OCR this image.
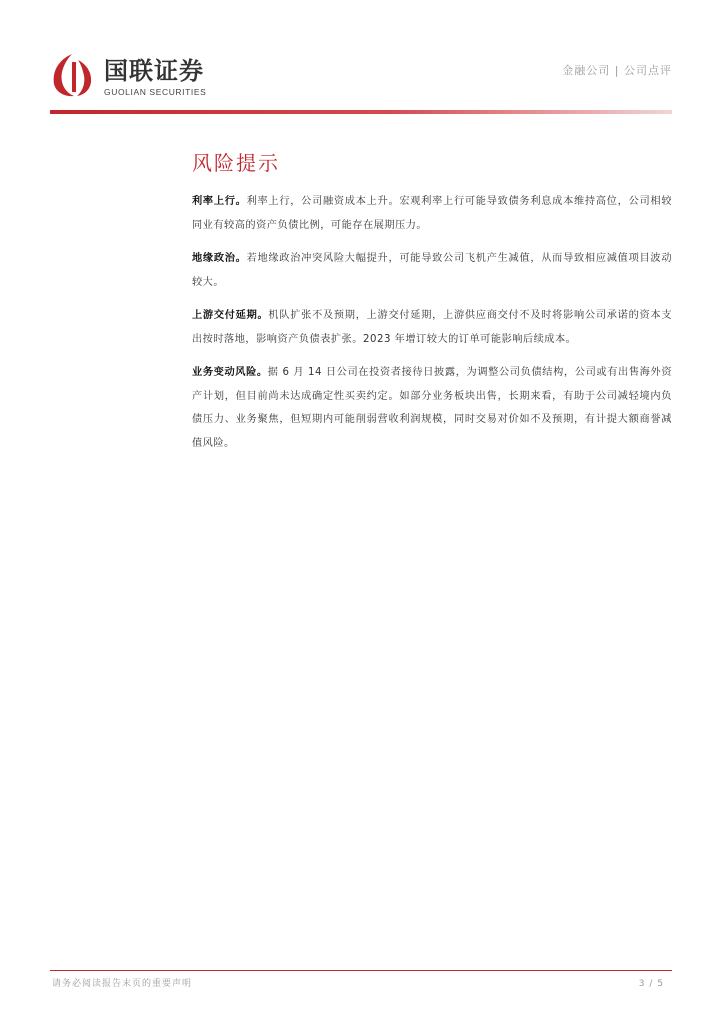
国联证券
GUOLIAN SECURITIES
金融公司 | 公司点评
风险提示

利率上行。利率上行，公司融资成本上升。宏观利率上行可能导致债务利息成本维持高位，公司相较同业有较高的资产负债比例，可能存在展期压力。

地缘政治。若地缘政治冲突风险大幅提升，可能导致公司飞机产生减值，从而导致相应减值项目波动较大。

上游交付延期。机队扩张不及预期，上游交付延期，上游供应商交付不及时将影响公司承诺的资本支出按时落地，影响资产负债表扩张。2023 年增订较大的订单可能影响后续成本。

业务变动风险。据 6 月 14 日公司在投资者接待日披露，为调整公司负债结构，公司或有出售海外资产计划，但目前尚未达成确定性买卖约定。如部分业务板块出售，长期来看，有助于公司减轻境内负债压力、业务聚焦，但短期内可能削弱营收利润规模，同时交易对价如不及预期，有计提大额商誉减值风险。

请务必阅读报告末页的重要声明	3 / 5
